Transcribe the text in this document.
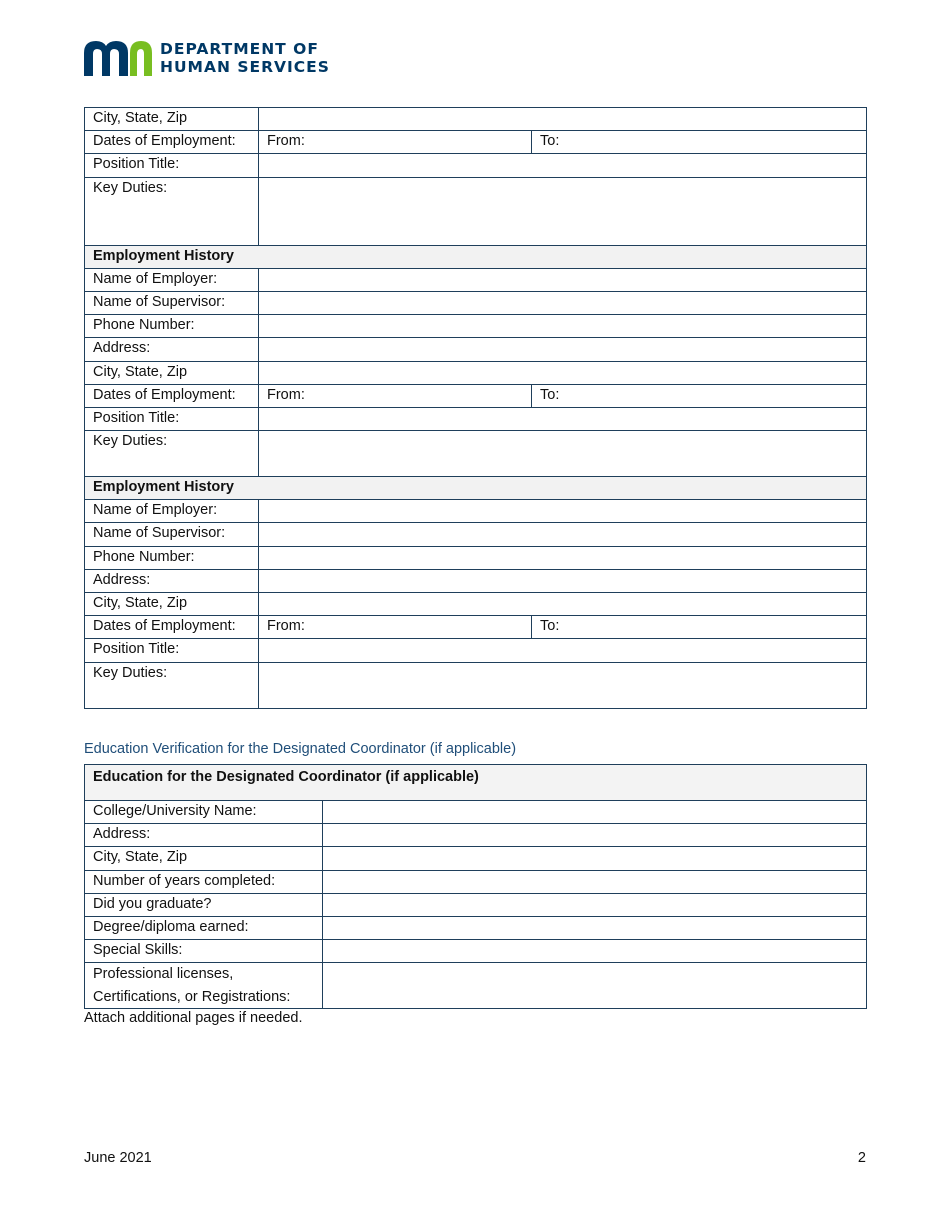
DEPARTMENT OF
HUMAN SERVICES
City, State, Zip		
Dates of Employment:	From:	To:
Position Title:		
Key Duties:		
Employment History		
Name of Employer:		
Name of Supervisor:		
Phone Number:		
Address:		
City, State, Zip		
Dates of Employment:	From:	To:
Position Title:		
Key Duties:		
Employment History		
Name of Employer:		
Name of Supervisor:		
Phone Number:		
Address:		
City, State, Zip		
Dates of Employment:	From:	To:
Position Title:		
Key Duties:		
Education Verification for the Designated Coordinator (if applicable)
Education for the Designated Coordinator (if applicable)	
College/University Name:	
Address:	
City, State, Zip	
Number of years completed:	
Did you graduate?	
Degree/diploma earned:	
Special Skills:	
Professional licenses, Certifications, or Registrations:	
Attach additional pages if needed.
June 2021	2
